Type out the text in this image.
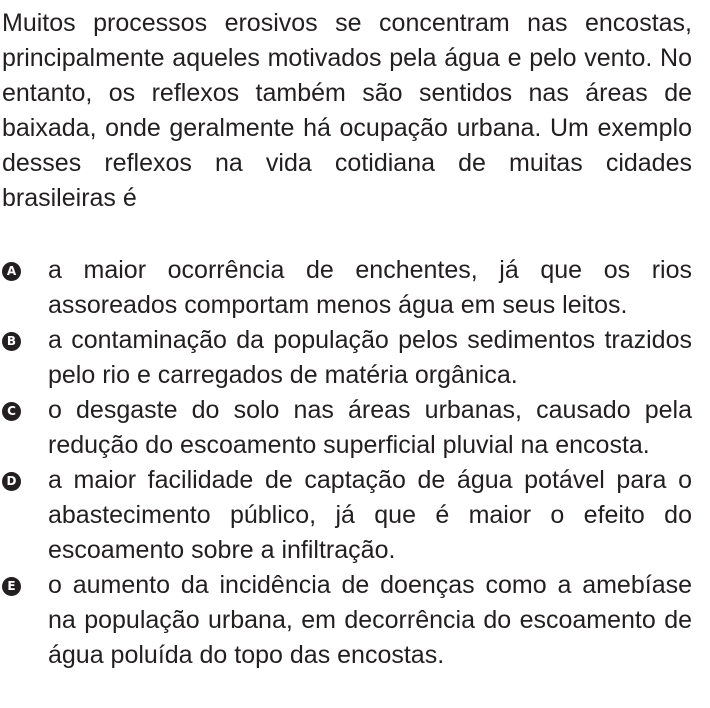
Muitos processos erosivos se concentram nas encostas, principalmente aqueles motivados pela água e pelo vento. No entanto, os reflexos também são sentidos nas áreas de baixada, onde geralmente há ocupação urbana. Um exemplo desses reflexos na vida cotidiana de muitas cidades brasileiras é

A a maior ocorrência de enchentes, já que os rios assoreados comportam menos água em seus leitos.
B a contaminação da população pelos sedimentos trazidos pelo rio e carregados de matéria orgânica.
C o desgaste do solo nas áreas urbanas, causado pela redução do escoamento superficial pluvial na encosta.
D a maior facilidade de captação de água potável para o abastecimento público, já que é maior o efeito do escoamento sobre a infiltração.
E o aumento da incidência de doenças como a amebíase na população urbana, em decorrência do escoamento de água poluída do topo das encostas.
